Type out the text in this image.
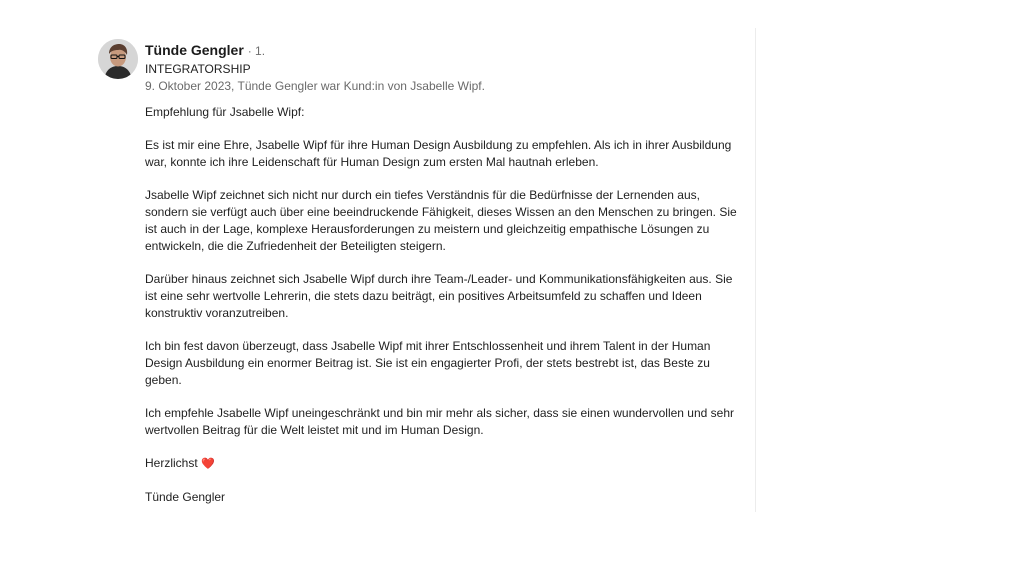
Tünde Gengler · 1.
INTEGRATORSHIP
9. Oktober 2023, Tünde Gengler war Kund:in von Jsabelle Wipf.

Empfehlung für Jsabelle Wipf:

Es ist mir eine Ehre, Jsabelle Wipf für ihre Human Design Ausbildung zu empfehlen. Als ich in ihrer Ausbildung war, konnte ich ihre Leidenschaft für Human Design zum ersten Mal hautnah erleben.

Jsabelle Wipf zeichnet sich nicht nur durch ein tiefes Verständnis für die Bedürfnisse der Lernenden aus, sondern sie verfügt auch über eine beeindruckende Fähigkeit, dieses Wissen an den Menschen zu bringen. Sie ist auch in der Lage, komplexe Herausforderungen zu meistern und gleichzeitig empathische Lösungen zu entwickeln, die die Zufriedenheit der Beteiligten steigern.

Darüber hinaus zeichnet sich Jsabelle Wipf durch ihre Team-/Leader- und Kommunikationsfähigkeiten aus. Sie ist eine sehr wertvolle Lehrerin, die stets dazu beiträgt, ein positives Arbeitsumfeld zu schaffen und Ideen konstruktiv voranzutreiben.

Ich bin fest davon überzeugt, dass Jsabelle Wipf mit ihrer Entschlossenheit und ihrem Talent in der Human Design Ausbildung ein enormer Beitrag ist. Sie ist ein engagierter Profi, der stets bestrebt ist, das Beste zu geben.

Ich empfehle Jsabelle Wipf uneingeschränkt und bin mir mehr als sicher, dass sie einen wundervollen und sehr wertvollen Beitrag für die Welt leistet mit und im Human Design.

Herzlichst ❤️

Tünde Gengler
